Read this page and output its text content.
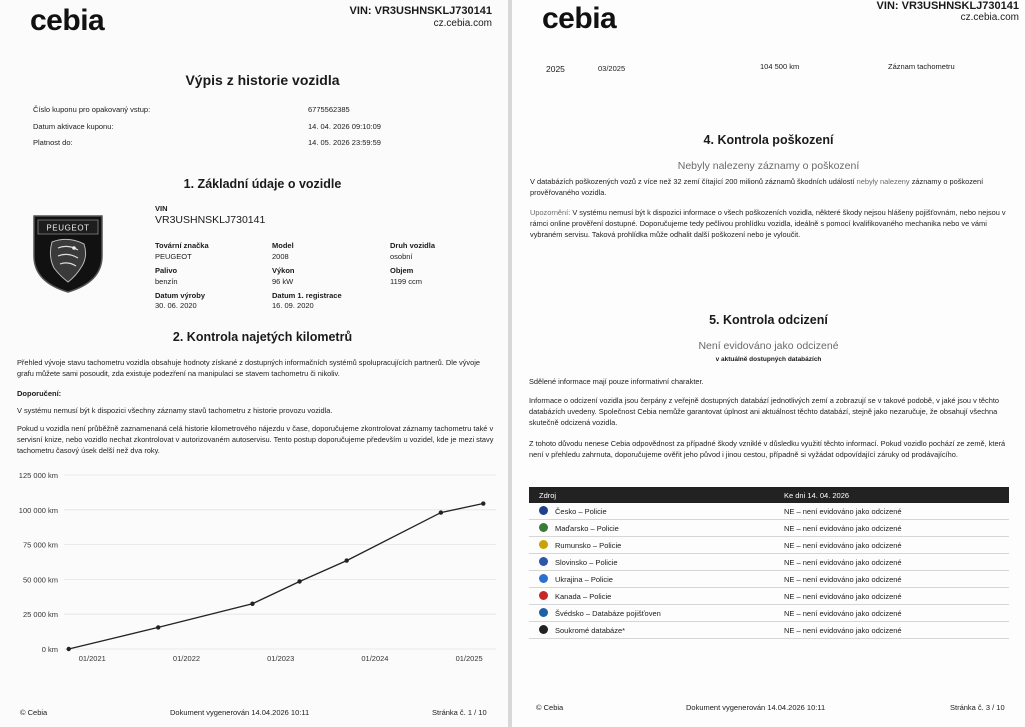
cebia	VIN: VR3USHNSKLJ730141
cz.cebia.com
Výpis z historie vozidla
Číslo kuponu pro opakovaný vstup:	6775562385
Datum aktivace kuponu:	14. 04. 2026 09:10:09
Platnost do:	14. 05. 2026 23:59:59
1. Základní údaje o vozidle
PEUGEOT
VIN
VR3USHNSKLJ730141
Tovární značka
PEUGEOT
Model
2008
Druh vozidla
osobní
Palivo
benzín
Výkon
96 kW
Objem
1199 ccm
Datum výroby
30. 06. 2020
Datum 1. registrace
16. 09. 2020
2. Kontrola najetých kilometrů
Přehled vývoje stavu tachometru vozidla obsahuje hodnoty získané z dostupných informačních systémů spolupracujících partnerů. Dle vývoje grafu můžete sami posoudit, zda existuje podezření na manipulaci se stavem tachometru či nikoliv.
Doporučení:
V systému nemusí být k dispozici všechny záznamy stavů tachometru z historie provozu vozidla.
Pokud u vozidla není průběžně zaznamenaná celá historie kilometrového nájezdu v čase, doporučujeme zkontrolovat záznamy tachometru také v servisní knize, nebo vozidlo nechat zkontrolovat v autorizovaném autoservisu. Tento postup doporučujeme především u vozidel, kde je mezi stavy tachometru časový úsek delší než dva roky.
125 000 km
100 000 km
75 000 km
50 000 km
25 000 km
0 km
01/2021	01/2022	01/2023	01/2024	01/2025
© Cebia	Dokument vygenerován 14.04.2026 10:11	Stránka č. 1 / 10
cebia	VIN: VR3USHNSKLJ730141
cz.cebia.com
2025	03/2025	104 500 km	Záznam tachometru
4. Kontrola poškození
Nebyly nalezeny záznamy o poškození
V databázích poškozených vozů z více než 32 zemí čítající 200 milionů záznamů škodních událostí nebyly nalezeny záznamy o poškození prověřovaného vozidla.
Upozornění: V systému nemusí být k dispozici informace o všech poškozeních vozidla, některé škody nejsou hlášeny pojišťovnám, nebo nejsou v rámci online prověření dostupné. Doporučujeme tedy pečlivou prohlídku vozidla, ideálně s pomocí kvalifikovaného mechanika nebo ve vámi vybraném servisu. Taková prohlídka může odhalit další poškození nebo je vyloučit.
5. Kontrola odcizení
Není evidováno jako odcizené
v aktuálně dostupných databázích
Sdělené informace mají pouze informativní charakter.
Informace o odcizení vozidla jsou čerpány z veřejně dostupných databází jednotlivých zemí a zobrazují se v takové podobě, v jaké jsou v těchto databázích uvedeny. Společnost Cebia nemůže garantovat úplnost ani aktuálnost těchto databází, stejně jako nezaručuje, že obsahují všechna skutečně odcizená vozidla.
Z tohoto důvodu nenese Cebia odpovědnost za případné škody vzniklé v důsledku využití těchto informací. Pokud vozidlo pochází ze země, která není v přehledu zahrnuta, doporučujeme ověřit jeho původ i jinou cestou, případně si vyžádat odpovídající záruky od prodávajícího.
Zdroj	Ke dni 14. 04. 2026
Česko – Policie	NE – není evidováno jako odcizené
Maďarsko – Policie	NE – není evidováno jako odcizené
Rumunsko – Policie	NE – není evidováno jako odcizené
Slovinsko – Policie	NE – není evidováno jako odcizené
Ukrajina – Policie	NE – není evidováno jako odcizené
Kanada – Policie	NE – není evidováno jako odcizené
Švédsko – Databáze pojišťoven	NE – není evidováno jako odcizené
Soukromé databáze*	NE – není evidováno jako odcizené
© Cebia	Dokument vygenerován 14.04.2026 10:11	Stránka č. 3 / 10
